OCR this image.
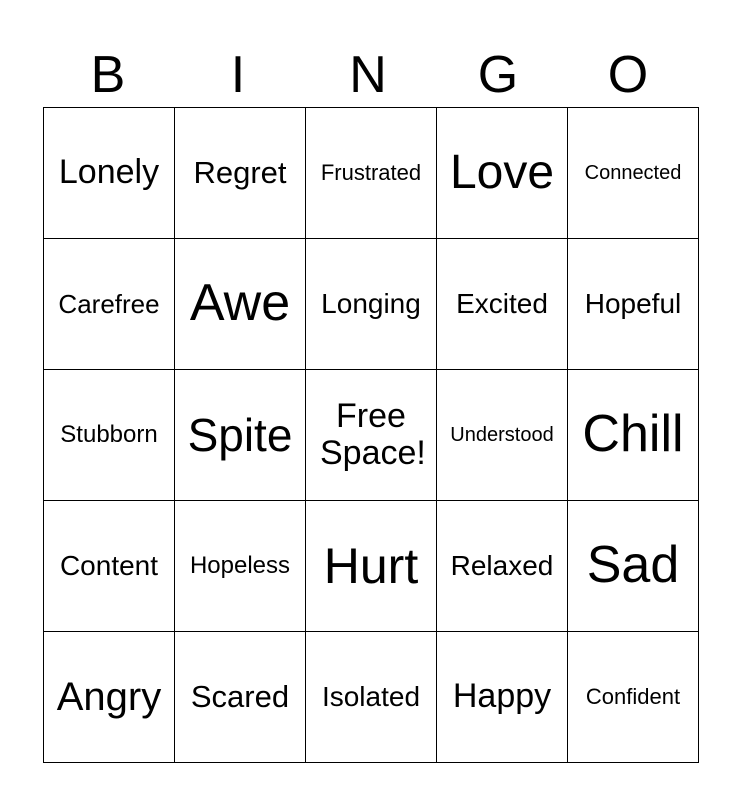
B	I	N	G	O
Lonely	Regret	Frustrated	Love	Connected
Carefree	Awe	Longing	Excited	Hopeful
Stubborn	Spite	Free Space!	Understood	Chill
Content	Hopeless	Hurt	Relaxed	Sad
Angry	Scared	Isolated	Happy	Confident
